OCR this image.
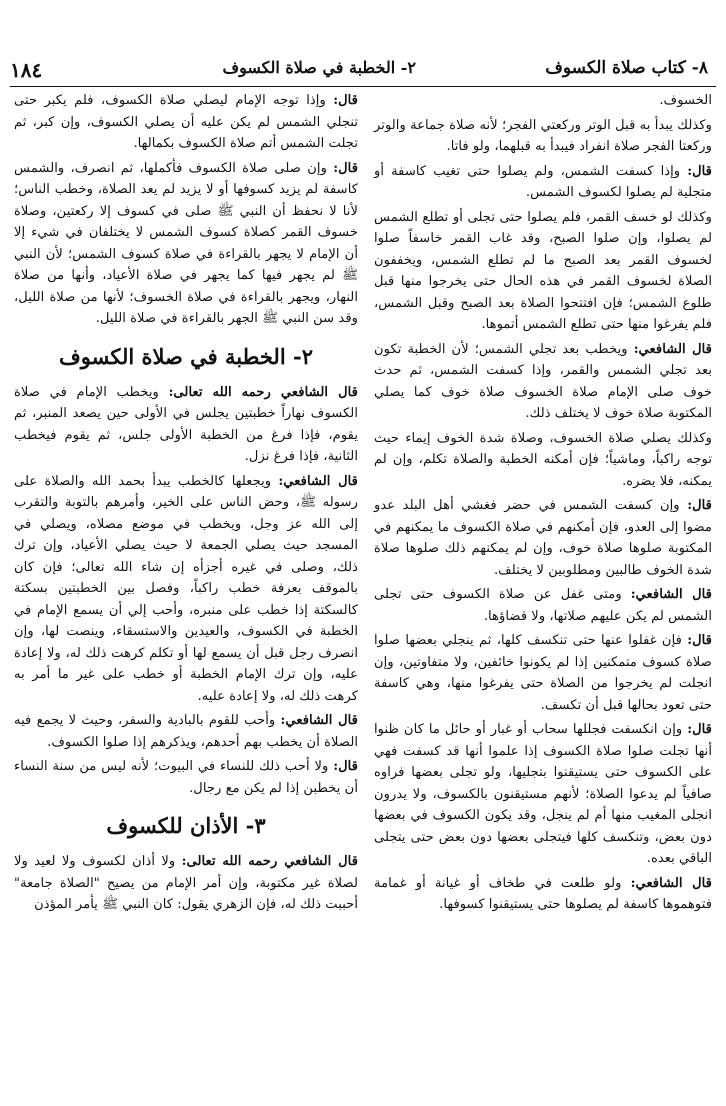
٨- كتاب صلاة الكسوف
٢- الخطبة في صلاة الكسوف
١٨٤

الخسوف.

وكذلك يبدأ به قبل الوتر وركعتي الفجر؛ لأنه صلاة جماعة والوتر وركعتا الفجر صلاة انفراد فيبدأ به قبلهما، ولو فاتا.

قال: وإذا كسفت الشمس، ولم يصلوا حتى تغيب كاسفة أو متجلية لم يصلوا لكسوف الشمس.

وكذلك لو خسف القمر، فلم يصلوا حتى تجلى أو تطلع الشمس لم يصلوا، وإن صلوا الصبح، وقد غاب القمر خاسفاً صلوا لخسوف القمر بعد الصبح ما لم تطلع الشمس، ويخففون الصلاة لخسوف القمر في هذه الحال حتى يخرجوا منها قبل طلوع الشمس؛ فإن افتتحوا الصلاة بعد الصبح وقبل الشمس، فلم يفرغوا منها حتى تطلع الشمس أتموها.

قال الشافعي: ويخطب بعد تجلي الشمس؛ لأن الخطبة تكون بعد تجلي الشمس والقمر، وإذا كسفت الشمس، ثم حدث خوف صلى الإمام صلاة الخسوف صلاة خوف كما يصلي المكتوبة صلاة خوف لا يختلف ذلك.

وكذلك يصلي صلاة الخسوف، وصلاة شدة الخوف إيماء حيث توجه راكباً، وماشياً؛ فإن أمكنه الخطبة والصلاة تكلم، وإن لم يمكنه، فلا يضره.

قال: وإن كسفت الشمس في حضر فغشي أهل البلد عدو مضوا إلى العدو، فإن أمكنهم في صلاة الكسوف ما يمكنهم في المكتوبة صلوها صلاة خوف، وإن لم يمكنهم ذلك صلوها صلاة شدة الخوف طالبين ومطلوبين لا يختلف.

قال الشافعي: ومتى غفل عن صلاة الكسوف حتى تجلى الشمس لم يكن عليهم صلاتها، ولا قضاؤها.

قال: فإن غفلوا عنها حتى تنكسف كلها، ثم ينجلي بعضها صلوا صلاة كسوف متمكنين إذا لم يكونوا خائفين، ولا متفاوتين، وإن انجلت لم يخرجوا من الصلاة حتى يفرغوا منها، وهي كاسفة حتى تعود بحالها قبل أن تكسف.

قال: وإن انكسفت فجللها سحاب أو غبار أو حائل ما كان ظنوا أنها تجلت صلوا صلاة الكسوف إذا علموا أنها قد كسفت فهي على الكسوف حتى يستيقنوا بتجليها، ولو تجلى بعضها فراوه صافياً لم يدعوا الصلاة؛ لأنهم مستيقنون بالكسوف، ولا يدرون انجلى المغيب منها أم لم ينجل، وقد يكون الكسوف في بعضها دون بعض، وتنكسف كلها فيتجلى بعضها دون بعض حتى يتجلى الباقي بعده.

قال الشافعي: ولو طلعت في طخاف أو غيانة أو غمامة فتوهموها كاسفة لم يصلوها حتى يستيقنوا كسوفها.

قال: وإذا توجه الإمام ليصلي صلاة الكسوف، فلم يكبر حتى تنجلي الشمس لم يكن عليه أن يصلي الكسوف، وإن كبر، ثم تجلت الشمس أتم صلاة الكسوف بكمالها.

قال: وإن صلى صلاة الكسوف فأكملها، ثم انصرف، والشمس كاسفة لم يزيد كسوفها أو لا يزيد لم يعد الصلاة، وخطب الناس؛ لأنا لا نحفظ أن النبي ﷺ صلى في كسوف إلا ركعتين، وصلاة خسوف القمر كصلاة كسوف الشمس لا يختلفان في شيء إلا أن الإمام لا يجهر بالقراءة في صلاة كسوف الشمس؛ لأن النبي ﷺ لم يجهر فيها كما يجهر في صلاة الأعياد، وأنها من صلاة النهار، ويجهر بالقراءة في صلاة الخسوف؛ لأنها من صلاة الليل، وقد سن النبي ﷺ الجهر بالقراءة في صلاة الليل.

٢- الخطبة في صلاة الكسوف

قال الشافعي رحمه الله تعالى: ويخطب الإمام في صلاة الكسوف نهاراً خطبتين يجلس في الأولى حين يصعد المنبر، ثم يقوم، فإذا فرغ من الخطبة الأولى جلس، ثم يقوم فيخطب الثانية، فإذا فرغ نزل.

قال الشافعي: ويجعلها كالخطب يبدأ بحمد الله والصلاة على رسوله ﷺ، وحض الناس على الخير، وأمرهم بالتوبة والتقرب إلى الله عز وجل، ويخطب في موضع مصلاه، ويصلي في المسجد حيث يصلي الجمعة لا حيث يصلي الأعياد، وإن ترك ذلك، وصلى في غيره أجزأه إن شاء الله تعالى؛ فإن كان بالموقف بعرفة خطب راكباً، وفصل بين الخطبتين بسكتة كالسكتة إذا خطب على منبره، وأحب إلي أن يسمع الإمام في الخطبة في الكسوف، والعيدين والاستسقاء، وينصت لها، وإن انصرف رجل قبل أن يسمع لها أو تكلم كرهت ذلك له، ولا إعادة عليه، وإن ترك الإمام الخطبة أو خطب على غير ما أمر به كرهت ذلك له، ولا إعادة عليه.

قال الشافعي: وأحب للقوم بالبادية والسفر، وحيث لا يجمع فيه الصلاة أن يخطب بهم أحدهم، ويذكرهم إذا صلوا الكسوف.

قال: ولا أحب ذلك للنساء في البيوت؛ لأنه ليس من سنة النساء أن يخطبن إذا لم يكن مع رجال.

٣- الأذان للكسوف

قال الشافعي رحمه الله تعالى: ولا أذان لكسوف ولا لعيد ولا لصلاة غير مكتوبة، وإن أمر الإمام من يصيح "الصلاة جامعة" أحببت ذلك له، فإن الزهري يقول: كان النبي ﷺ يأمر المؤذن
